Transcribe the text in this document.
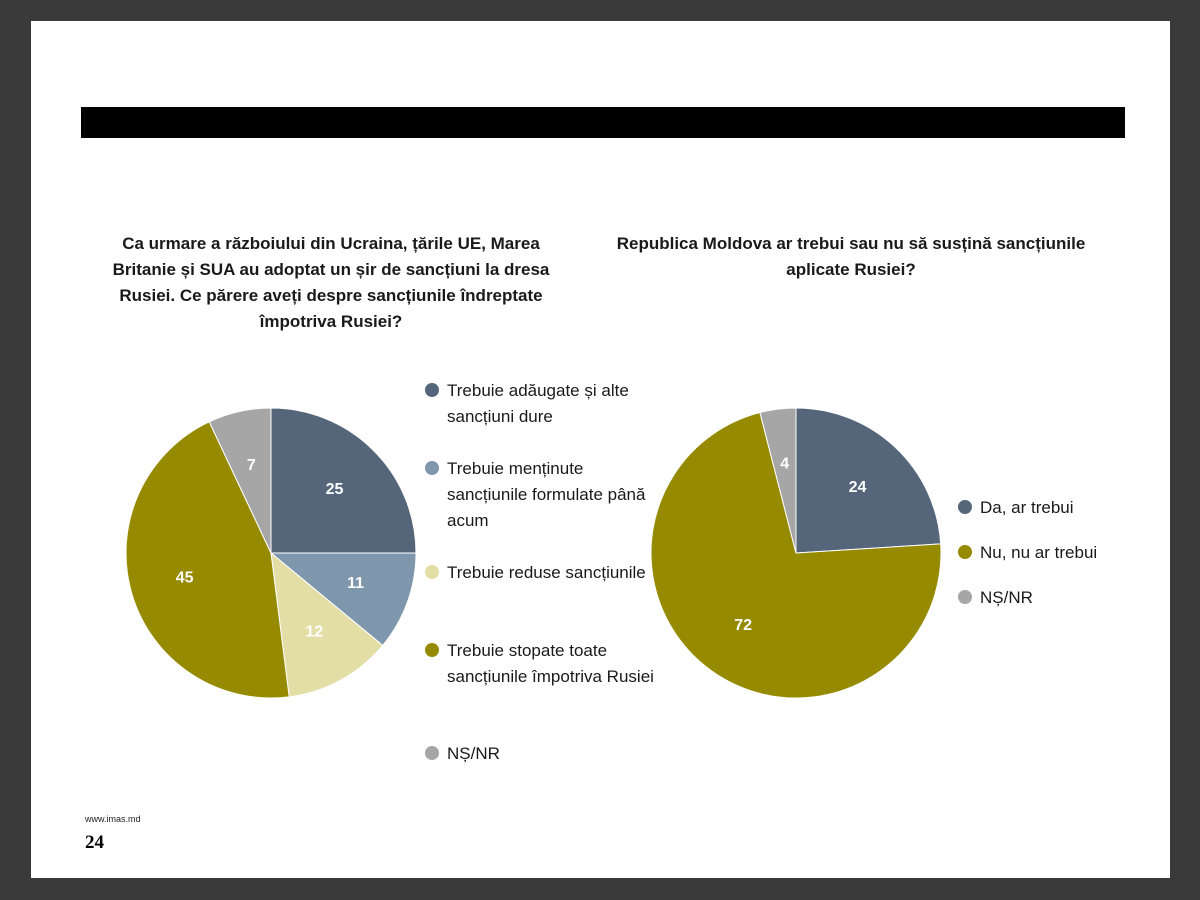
Ca urmare a războiului din Ucraina, țările UE, Marea Britanie și SUA au adoptat un șir de sancțiuni la dresa Rusiei. Ce părere aveți despre sancțiunile îndreptate împotriva Rusiei?
Republica Moldova ar trebui sau nu să susțină sancțiunile aplicate Rusiei?
25
11
12
45
7
24
72
4
Trebuie adăugate și alte sancțiuni dure
Trebuie menținute sancțiunile formulate până acum
Trebuie reduse sancțiunile
Trebuie stopate toate sancțiunile împotriva Rusiei
NȘ/NR
Da, ar trebui
Nu, nu ar trebui
NȘ/NR
www.imas.md
24
